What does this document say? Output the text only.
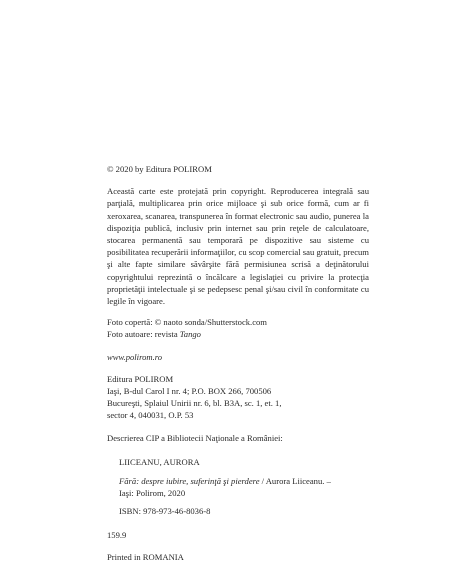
© 2020 by Editura POLIROM

Această carte este protejată prin copyright. Reproducerea integrală sau parţială, multiplicarea prin orice mijloace şi sub orice formă, cum ar fi xeroxarea, scanarea, transpunerea în format electronic sau audio, punerea la dispoziţia publică, inclusiv prin internet sau prin reţele de calculatoare, stocarea permanentă sau temporară pe dispozitive sau sisteme cu posibilitatea recuperării informaţiilor, cu scop comercial sau gratuit, precum şi alte fapte similare săvârşite fără permisiunea scrisă a deţinătorului copyrightului reprezintă o încălcare a legislaţiei cu privire la protecţia proprietăţii intelectuale şi se pedepsesc penal şi/sau civil în conformitate cu legile în vigoare.

Foto copertă: © naoto sonda/Shutterstock.com

Foto autoare: revista Tango

www.polirom.ro

Editura POLIROM

Iaşi, B-dul Carol I nr. 4; P.O. BOX 266, 700506

Bucureşti, Splaiul Unirii nr. 6, bl. B3A, sc. 1, et. 1,

sector 4, 040031, O.P. 53

Descrierea CIP a Bibliotecii Naţionale a României:

LIICEANU, AURORA

Fără: despre iubire, suferinţă şi pierdere / Aurora Liiceanu. –

Iaşi: Polirom, 2020

ISBN: 978-973-46-8036-8

159.9

Printed in ROMANIA
